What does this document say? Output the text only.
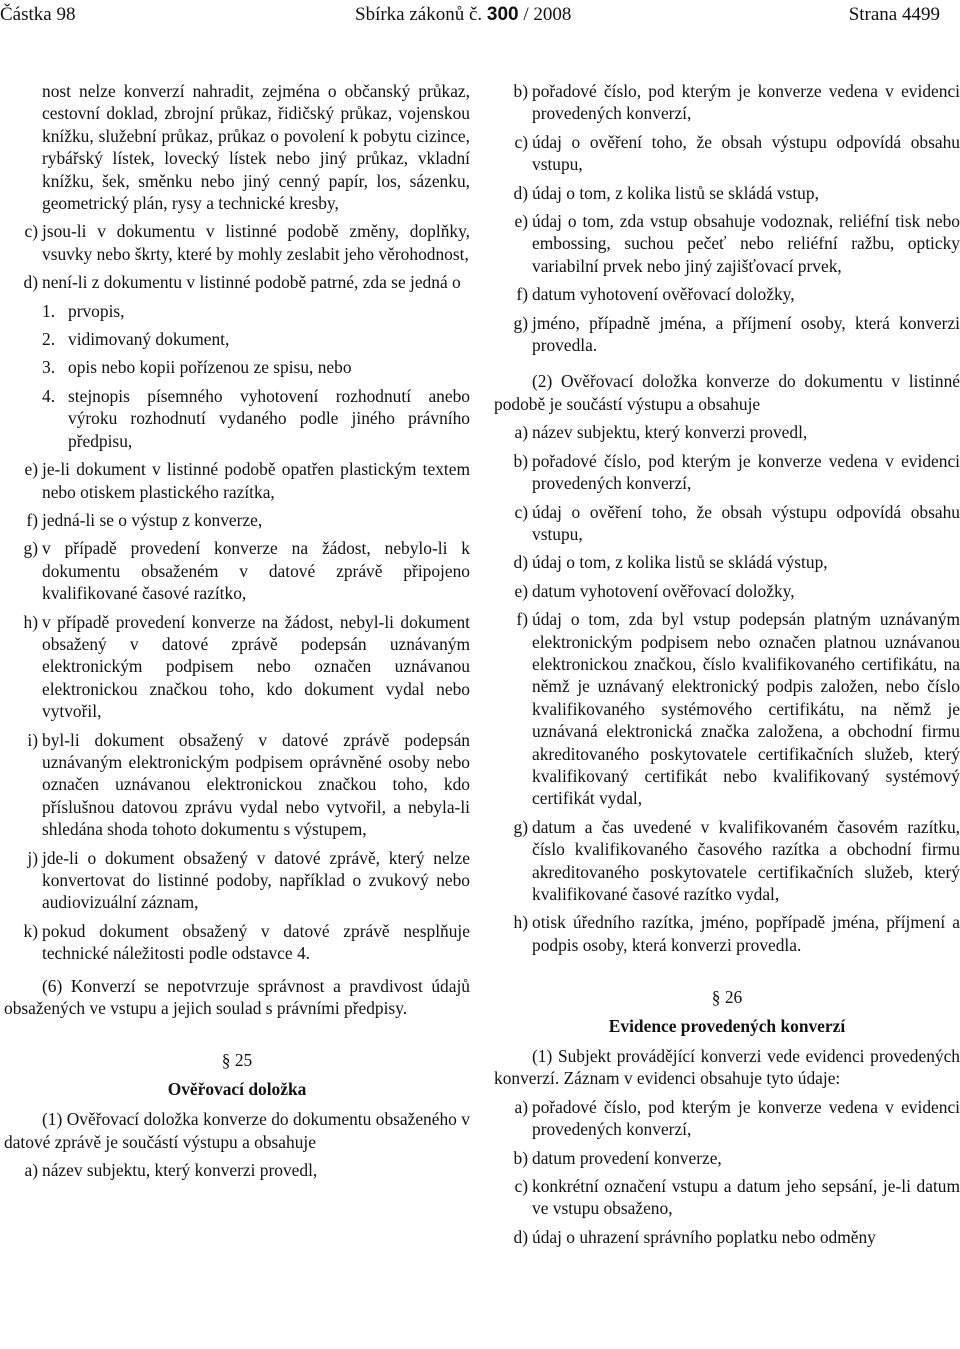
Částka 98	Sbírka zákonů č. 300 / 2008	Strana 4499

nost nelze konverzí nahradit, zejména o občanský průkaz, cestovní doklad, zbrojní průkaz, řidičský průkaz, vojenskou knížku, služební průkaz, průkaz o povolení k pobytu cizince, rybářský lístek, lovecký lístek nebo jiný průkaz, vkladní knížku, šek, směnku nebo jiný cenný papír, los, sázenku, geometrický plán, rysy a technické kresby,

c) jsou-li v dokumentu v listinné podobě změny, doplňky, vsuvky nebo škrty, které by mohly zeslabit jeho věrohodnost,
d) není-li z dokumentu v listinné podobě patrné, zda se jedná o
1. prvopis,
2. vidimovaný dokument,
3. opis nebo kopii pořízenou ze spisu, nebo
4. stejnopis písemného vyhotovení rozhodnutí anebo výroku rozhodnutí vydaného podle jiného právního předpisu,
e) je-li dokument v listinné podobě opatřen plastickým textem nebo otiskem plastického razítka,
f) jedná-li se o výstup z konverze,
g) v případě provedení konverze na žádost, nebylo-li k dokumentu obsaženém v datové zprávě připojeno kvalifikované časové razítko,
h) v případě provedení konverze na žádost, nebyl-li dokument obsažený v datové zprávě podepsán uznávaným elektronickým podpisem nebo označen uznávanou elektronickou značkou toho, kdo dokument vydal nebo vytvořil,
i) byl-li dokument obsažený v datové zprávě podepsán uznávaným elektronickým podpisem oprávněné osoby nebo označen uznávanou elektronickou značkou toho, kdo příslušnou datovou zprávu vydal nebo vytvořil, a nebyla-li shledána shoda tohoto dokumentu s výstupem,
j) jde-li o dokument obsažený v datové zprávě, který nelze konvertovat do listinné podoby, například o zvukový nebo audiovizuální záznam,
k) pokud dokument obsažený v datové zprávě nesplňuje technické náležitosti podle odstavce 4.

(6) Konverzí se nepotvrzuje správnost a pravdivost údajů obsažených ve vstupu a jejich soulad s právními předpisy.

§ 25
Ověřovací doložka

(1) Ověřovací doložka konverze do dokumentu obsaženého v datové zprávě je součástí výstupu a obsahuje

a) název subjektu, který konverzi provedl,
b) pořadové číslo, pod kterým je konverze vedena v evidenci provedených konverzí,
c) údaj o ověření toho, že obsah výstupu odpovídá obsahu vstupu,
d) údaj o tom, z kolika listů se skládá vstup,
e) údaj o tom, zda vstup obsahuje vodoznak, reliéfní tisk nebo embossing, suchou pečeť nebo reliéfní ražbu, opticky variabilní prvek nebo jiný zajišťovací prvek,
f) datum vyhotovení ověřovací doložky,
g) jméno, případně jména, a příjmení osoby, která konverzi provedla.

(2) Ověřovací doložka konverze do dokumentu v listinné podobě je součástí výstupu a obsahuje

a) název subjektu, který konverzi provedl,
b) pořadové číslo, pod kterým je konverze vedena v evidenci provedených konverzí,
c) údaj o ověření toho, že obsah výstupu odpovídá obsahu vstupu,
d) údaj o tom, z kolika listů se skládá výstup,
e) datum vyhotovení ověřovací doložky,
f) údaj o tom, zda byl vstup podepsán platným uznávaným elektronickým podpisem nebo označen platnou uznávanou elektronickou značkou, číslo kvalifikovaného certifikátu, na němž je uznávaný elektronický podpis založen, nebo číslo kvalifikovaného systémového certifikátu, na němž je uznávaná elektronická značka založena, a obchodní firmu akreditovaného poskytovatele certifikačních služeb, který kvalifikovaný certifikát nebo kvalifikovaný systémový certifikát vydal,
g) datum a čas uvedené v kvalifikovaném časovém razítku, číslo kvalifikovaného časového razítka a obchodní firmu akreditovaného poskytovatele certifikačních služeb, který kvalifikované časové razítko vydal,
h) otisk úředního razítka, jméno, popřípadě jména, příjmení a podpis osoby, která konverzi provedla.
§ 26
Evidence provedených konverzí

(1) Subjekt provádějící konverzi vede evidenci provedených konverzí. Záznam v evidenci obsahuje tyto údaje:

a) pořadové číslo, pod kterým je konverze vedena v evidenci provedených konverzí,
b) datum provedení konverze,
c) konkrétní označení vstupu a datum jeho sepsání, je-li datum ve vstupu obsaženo,
d) údaj o uhrazení správního poplatku nebo odměny
